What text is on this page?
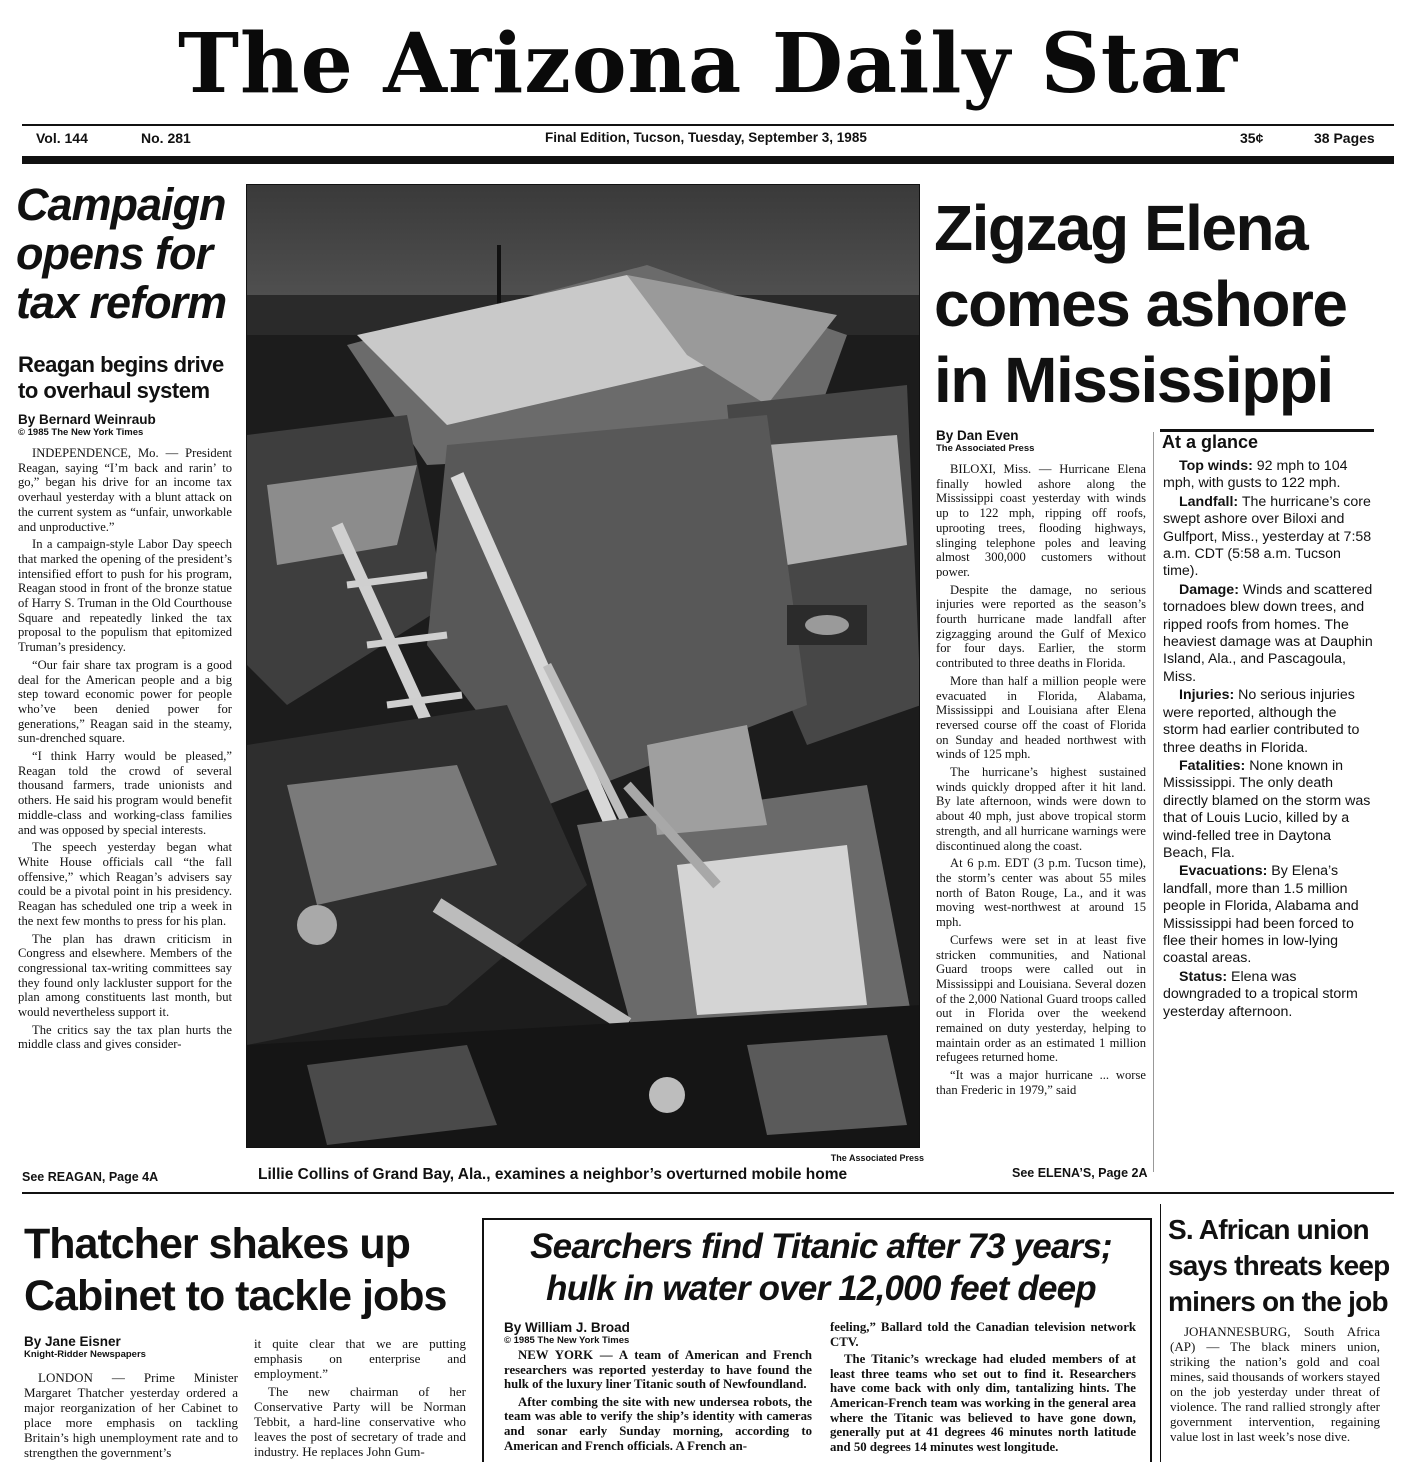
The Arizona Daily Star
Vol. 144	No. 281	Final Edition, Tucson, Tuesday, September 3, 1985	35¢	38 Pages
Campaign opens for tax reform
Reagan begins drive to overhaul system
By Bernard Weinraub
© 1985 The New York Times

INDEPENDENCE, Mo. — President Reagan, saying “I’m back and rarin’ to go,” began his drive for an income tax overhaul yesterday with a blunt attack on the current system as “unfair, unworkable and unproductive.”

In a campaign-style Labor Day speech that marked the opening of the president’s intensified effort to push for his program, Reagan stood in front of the bronze statue of Harry S. Truman in the Old Courthouse Square and repeatedly linked the tax proposal to the populism that epitomized Truman’s presidency.

“Our fair share tax program is a good deal for the American people and a big step toward economic power for people who’ve been denied power for generations,” Reagan said in the steamy, sun-drenched square.

“I think Harry would be pleased,” Reagan told the crowd of several thousand farmers, trade unionists and others. He said his program would benefit middle-class and working-class families and was opposed by special interests.

The speech yesterday began what White House officials call “the fall offensive,” which Reagan’s advisers say could be a pivotal point in his presidency. Reagan has scheduled one trip a week in the next few months to press for his plan.

The plan has drawn criticism in Congress and elsewhere. Members of the congressional tax-writing committees say they found only lackluster support for the plan among constituents last month, but would nevertheless support it.

The critics say the tax plan hurts the middle class and gives consider-

See REAGAN, Page 4A
The Associated Press
Lillie Collins of Grand Bay, Ala., examines a neighbor’s overturned mobile home
Zigzag Elena comes ashore in Mississippi
By Dan Even
The Associated Press

BILOXI, Miss. — Hurricane Elena finally howled ashore along the Mississippi coast yesterday with winds up to 122 mph, ripping off roofs, uprooting trees, flooding highways, slinging telephone poles and leaving almost 300,000 customers without power.

Despite the damage, no serious injuries were reported as the season’s fourth hurricane made landfall after zigzagging around the Gulf of Mexico for four days. Earlier, the storm contributed to three deaths in Florida.

More than half a million people were evacuated in Florida, Alabama, Mississippi and Louisiana after Elena reversed course off the coast of Florida on Sunday and headed northwest with winds of 125 mph.

The hurricane’s highest sustained winds quickly dropped after it hit land. By late afternoon, winds were down to about 40 mph, just above tropical storm strength, and all hurricane warnings were discontinued along the coast.

At 6 p.m. EDT (3 p.m. Tucson time), the storm’s center was about 55 miles north of Baton Rouge, La., and it was moving west-northwest at around 15 mph.

Curfews were set in at least five stricken communities, and National Guard troops were called out in Mississippi and Louisiana. Several dozen of the 2,000 National Guard troops called out in Florida over the weekend remained on duty yesterday, helping to maintain order as an estimated 1 million refugees returned home.

“It was a major hurricane ... worse than Frederic in 1979,” said

See ELENA’S, Page 2A
At a glance

Top winds: 92 mph to 104 mph, with gusts to 122 mph.

Landfall: The hurricane’s core swept ashore over Biloxi and Gulfport, Miss., yesterday at 7:58 a.m. CDT (5:58 a.m. Tucson time).

Damage: Winds and scattered tornadoes blew down trees, and ripped roofs from homes. The heaviest damage was at Dauphin Island, Ala., and Pascagoula, Miss.

Injuries: No serious injuries were reported, although the storm had earlier contributed to three deaths in Florida.

Fatalities: None known in Mississippi. The only death directly blamed on the storm was that of Louis Lucio, killed by a wind-felled tree in Daytona Beach, Fla.

Evacuations: By Elena’s landfall, more than 1.5 million people in Florida, Alabama and Mississippi had been forced to flee their homes in low-lying coastal areas.

Status: Elena was downgraded to a tropical storm yesterday afternoon.

Thatcher shakes up Cabinet to tackle jobs
By Jane Eisner
Knight-Ridder Newspapers

LONDON — Prime Minister Margaret Thatcher yesterday ordered a major reorganization of her Cabinet to place more emphasis on tackling Britain’s high unemployment rate and to strengthen the government’s

it quite clear that we are putting emphasis on enterprise and employment.”

The new chairman of her Conservative Party will be Norman Tebbit, a hard-line conservative who leaves the post of secretary of trade and industry. He replaces John Gum-

Searchers find Titanic after 73 years; hulk in water over 12,000 feet deep
By William J. Broad
© 1985 The New York Times

NEW YORK — A team of American and French researchers was reported yesterday to have found the hulk of the luxury liner Titanic south of Newfoundland.

After combing the site with new undersea robots, the team was able to verify the ship’s identity with cameras and sonar early Sunday morning, according to American and French officials. A French an-

feeling,” Ballard told the Canadian television network CTV.

The Titanic’s wreckage had eluded members of at least three teams who set out to find it. Researchers have come back with only dim, tantalizing hints. The American-French team was working in the general area where the Titanic was believed to have gone down, generally put at 41 degrees 46 minutes north latitude and 50 degrees 14 minutes west longitude.

S. African union says threats keep miners on the job

JOHANNESBURG, South Africa (AP) — The black miners union, striking the nation’s gold and coal mines, said thousands of workers stayed on the job yesterday under threat of violence. The rand rallied strongly after government intervention, regaining value lost in last week’s nose dive.
